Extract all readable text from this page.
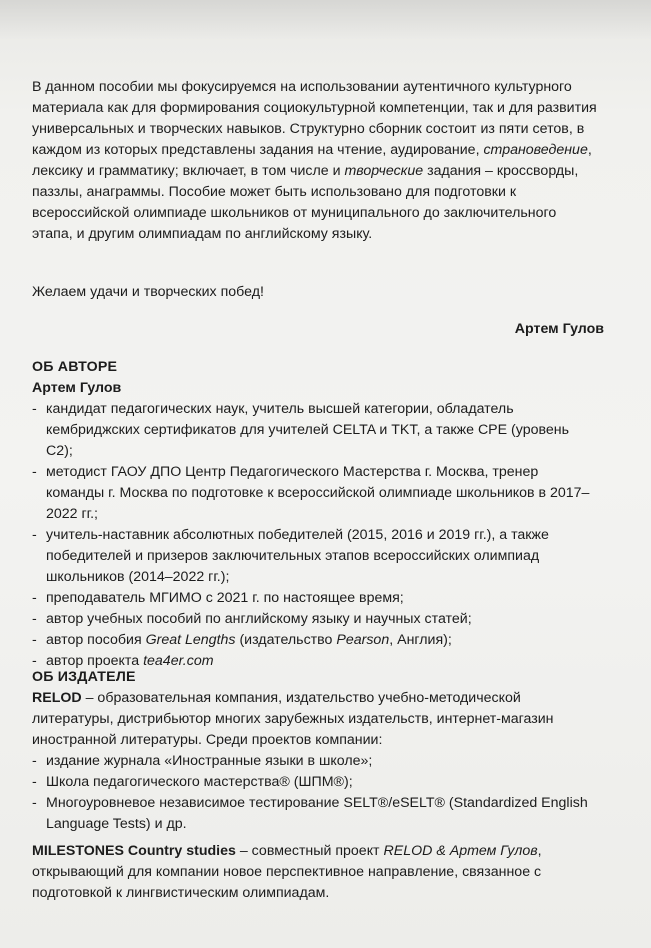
В данном пособии мы фокусируемся на использовании аутентичного культурного материала как для формирования социокультурной компетенции, так и для развития универсальных и творческих навыков. Структурно сборник состоит из пяти сетов, в каждом из которых представлены задания на чтение, аудирование, страноведение, лексику и грамматику; включает, в том числе и творческие задания – кроссворды, паззлы, анаграммы. Пособие может быть использовано для подготовки к всероссийской олимпиаде школьников от муниципального до заключительного этапа, и другим олимпиадам по английскому языку.

Желаем удачи и творческих побед!
Артем Гулов
ОБ АВТОРЕ
Артем Гулов
- кандидат педагогических наук, учитель высшей категории, обладатель кембриджских сертификатов для учителей CELTA и TKT, а также CPE (уровень C2);
- методист ГАОУ ДПО Центр Педагогического Мастерства г. Москва, тренер команды г. Москва по подготовке к всероссийской олимпиаде школьников в 2017–2022 гг.;
- учитель-наставник абсолютных победителей (2015, 2016 и 2019 гг.), а также победителей и призеров заключительных этапов всероссийских олимпиад школьников (2014–2022 гг.);
- преподаватель МГИМО с 2021 г. по настоящее время;
- автор учебных пособий по английскому языку и научных статей;
- автор пособия Great Lengths (издательство Pearson, Англия);
- автор проекта tea4er.com
ОБ ИЗДАТЕЛЕ
RELOD – образовательная компания, издательство учебно-методической литературы, дистрибьютор многих зарубежных издательств, интернет-магазин иностранной литературы. Среди проектов компании:
- издание журнала «Иностранные языки в школе»;
- Школа педагогического мастерства® (ШПМ®);
- Многоуровневое независимое тестирование SELT®/eSELT® (Standardized English Language Tests) и др.
MILESTONES Country studies – совместный проект RELOD & Артем Гулов, открывающий для компании новое перспективное направление, связанное с подготовкой к лингвистическим олимпиадам.
